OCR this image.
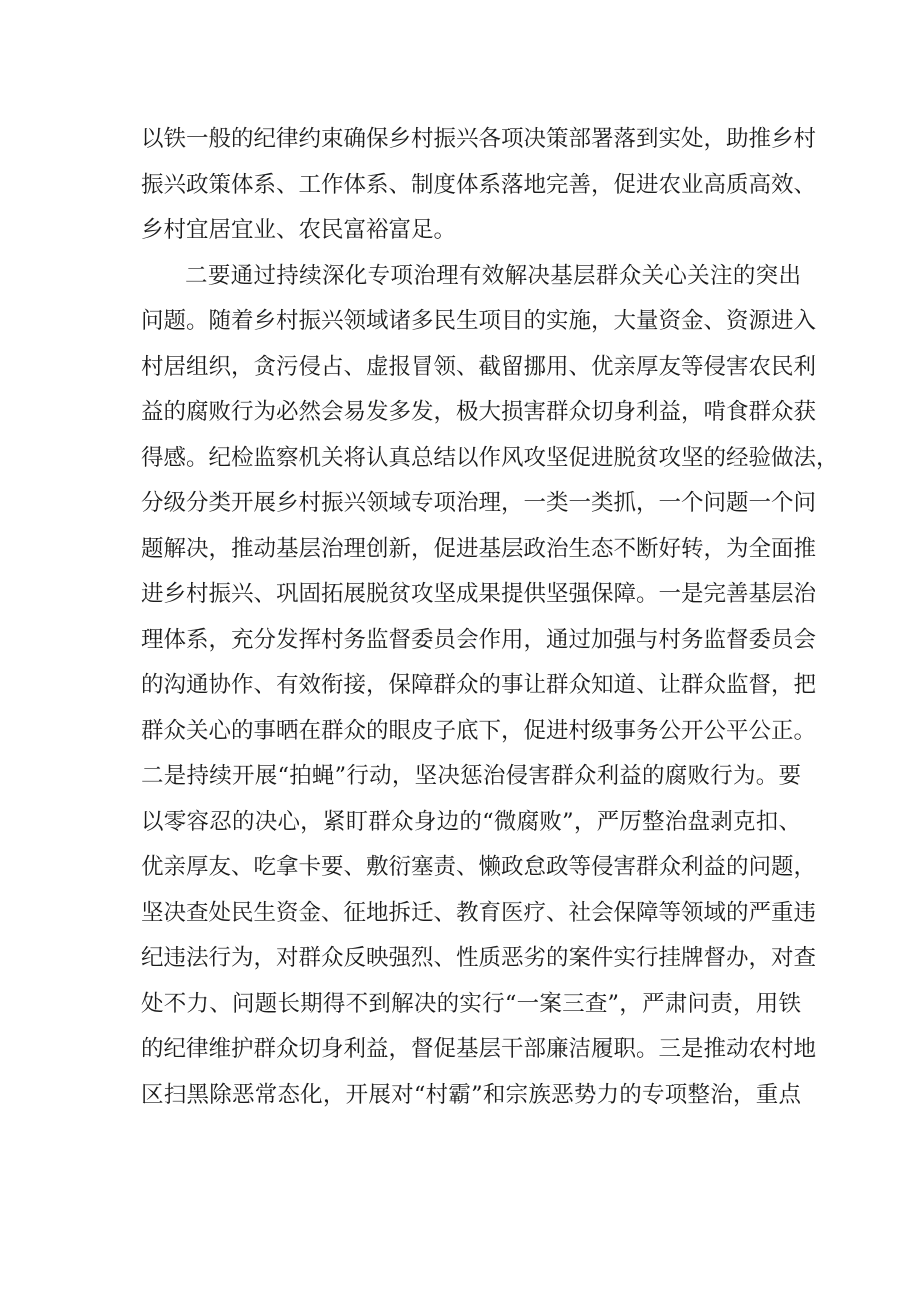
以铁一般的纪律约束确保乡村振兴各项决策部署落到实处，助推乡村
振兴政策体系、工作体系、制度体系落地完善，促进农业高质高效、
乡村宜居宜业、农民富裕富足。
二要通过持续深化专项治理有效解决基层群众关心关注的突出
问题。随着乡村振兴领域诸多民生项目的实施，大量资金、资源进入
村居组织，贪污侵占、虚报冒领、截留挪用、优亲厚友等侵害农民利
益的腐败行为必然会易发多发，极大损害群众切身利益，啃食群众获
得感。纪检监察机关将认真总结以作风攻坚促进脱贫攻坚的经验做法，
分级分类开展乡村振兴领域专项治理，一类一类抓，一个问题一个问
题解决，推动基层治理创新，促进基层政治生态不断好转，为全面推
进乡村振兴、巩固拓展脱贫攻坚成果提供坚强保障。一是完善基层治
理体系，充分发挥村务监督委员会作用，通过加强与村务监督委员会
的沟通协作、有效衔接，保障群众的事让群众知道、让群众监督，把
群众关心的事晒在群众的眼皮子底下，促进村级事务公开公平公正。
二是持续开展“拍蝇”行动，坚决惩治侵害群众利益的腐败行为。要
以零容忍的决心，紧盯群众身边的“微腐败”，严厉整治盘剥克扣、
优亲厚友、吃拿卡要、敷衍塞责、懒政怠政等侵害群众利益的问题，
坚决查处民生资金、征地拆迁、教育医疗、社会保障等领域的严重违
纪违法行为，对群众反映强烈、性质恶劣的案件实行挂牌督办，对查
处不力、问题长期得不到解决的实行“一案三查”，严肃问责，用铁
的纪律维护群众切身利益，督促基层干部廉洁履职。三是推动农村地
区扫黑除恶常态化，开展对“村霸”和宗族恶势力的专项整治，重点
